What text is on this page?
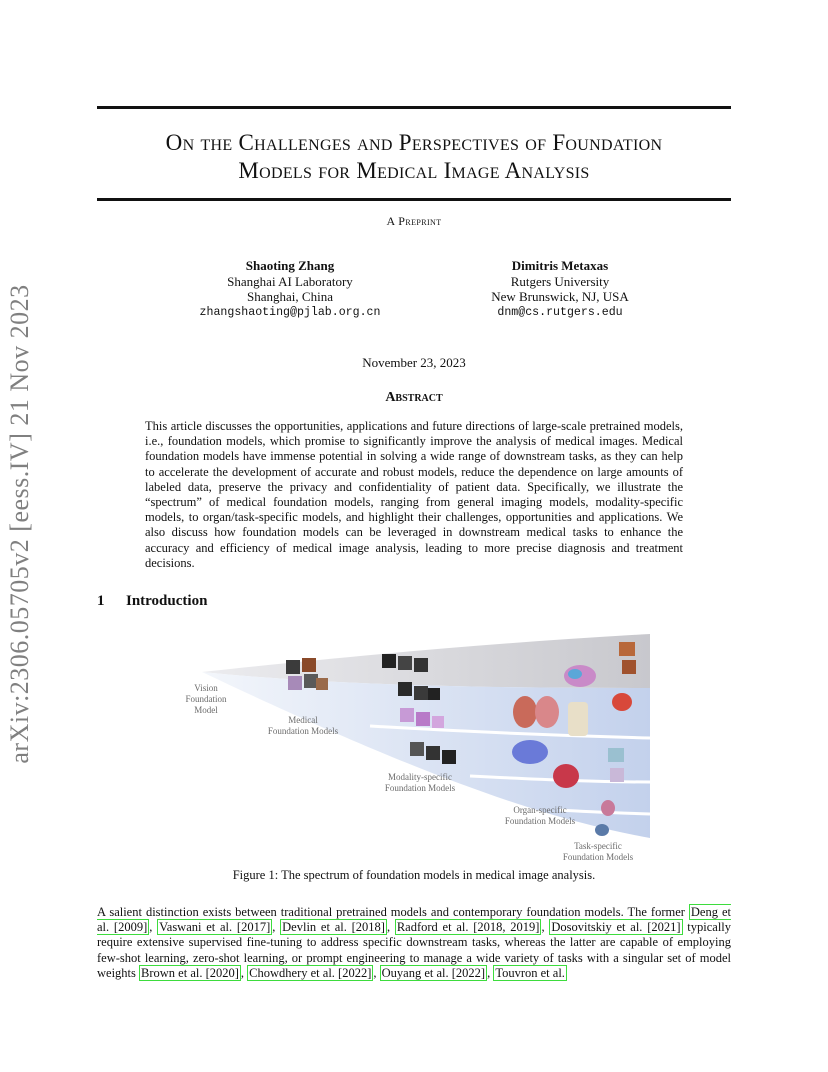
arXiv:2306.05705v2 [eess.IV] 21 Nov 2023
On the Challenges and Perspectives of Foundation
Models for Medical Image Analysis
A Preprint
Shaoting Zhang
Shanghai AI Laboratory
Shanghai, China
zhangshaoting@pjlab.org.cn
Dimitris Metaxas
Rutgers University
New Brunswick, NJ, USA
dnm@cs.rutgers.edu
November 23, 2023
Abstract
This article discusses the opportunities, applications and future directions of large-scale pretrained models, i.e., foundation models, which promise to significantly improve the analysis of medical images. Medical foundation models have immense potential in solving a wide range of downstream tasks, as they can help to accelerate the development of accurate and robust models, reduce the dependence on large amounts of labeled data, preserve the privacy and confidentiality of patient data. Specifically, we illustrate the “spectrum” of medical foundation models, ranging from general imaging models, modality-specific models, to organ/task-specific models, and highlight their challenges, opportunities and applications. We also discuss how foundation models can be leveraged in downstream medical tasks to enhance the accuracy and efficiency of medical image analysis, leading to more precise diagnosis and treatment decisions.
1 Introduction
Vision
Foundation
Model
Medical
Foundation Models
Modality-specific
Foundation Models
Organ-specific
Foundation Models
Task-specific
Foundation Models
Figure 1: The spectrum of foundation models in medical image analysis.
A salient distinction exists between traditional pretrained models and contemporary foundation models. The former Deng et al. [2009] , Vaswani et al. [2017] , Devlin et al. [2018] , Radford et al. [2018, 2019] , Dosovitskiy et al. [2021] typically require extensive supervised fine-tuning to address specific downstream tasks, whereas the latter are capable of employing few-shot learning, zero-shot learning, or prompt engineering to manage a wide variety of tasks with a singular set of model weights Brown et al. [2020] , Chowdhery et al. [2022] , Ouyang et al. [2022] , Touvron et al.
